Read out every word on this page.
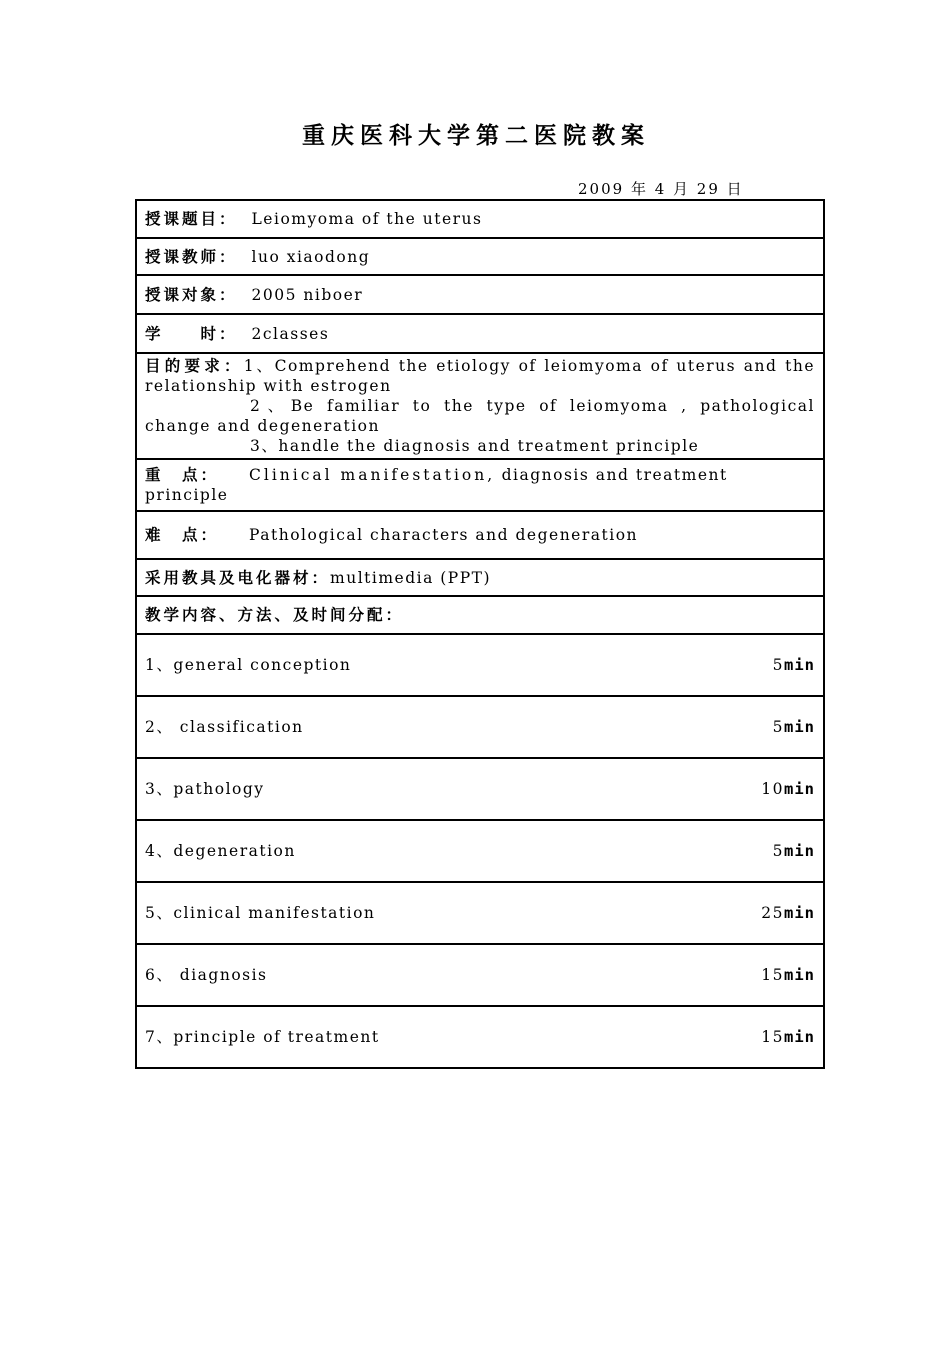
重庆医科大学第二医院教案
2009 年 4 月 29 日
授课题目： Leiomyoma of the uterus
授课教师： luo xiaodong
授课对象： 2005 niboer
学　　时： 2classes

目的要求：1、Comprehend the etiology of leiomyoma of uterus and the relationship with estrogen
2、Be familiar to the type of leiomyoma , pathological change and degeneration
3、handle the diagnosis and treatment principle

重　点： Clinical manifestation, diagnosis and treatment principle
难　点： Pathological characters and degeneration
采用教具及电化器材：multimedia (PPT)
教学内容、方法、及时间分配：

1、general conception	5min

2、 classification	5min

3、pathology	10min

4、degeneration	5min

5、clinical manifestation	25min

6、 diagnosis	15min

7、principle of treatment	15min
